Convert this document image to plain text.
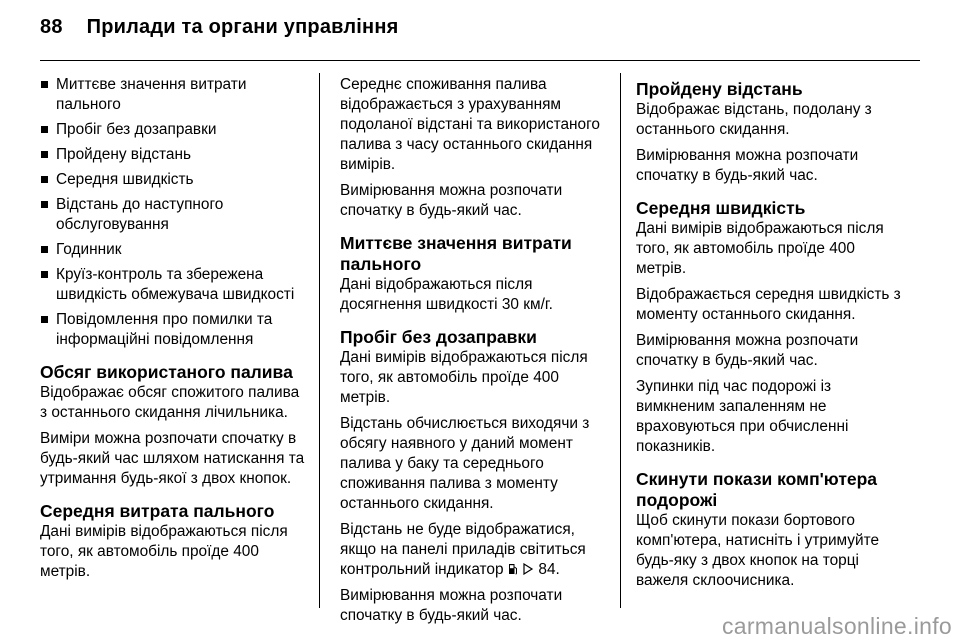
88 Прилади та органи управління
Миттєве значення витрати пального
Пробіг без дозаправки
Пройдену відстань
Середня швидкість
Відстань до наступного обслуговування
Годинник
Круїз-контроль та збережена швидкість обмежувача швидкості
Повідомлення про помилки та інформаційні повідомлення
Обсяг використаного палива

Відображає обсяг спожитого палива з останнього скидання лічильника.

Виміри можна розпочати спочатку в будь-який час шляхом натискання та утримання будь-якої з двох кнопок.

Середня витрата пального

Дані вимірів відображаються після того, як автомобіль проїде 400 метрів.

Середнє споживання палива відображається з урахуванням подоланої відстані та використаного палива з часу останнього скидання вимірів.

Вимірювання можна розпочати спочатку в будь-який час.

Миттєве значення витрати пального

Дані відображаються після досягнення швидкості 30 км/г.

Пробіг без дозаправки

Дані вимірів відображаються після того, як автомобіль проїде 400 метрів.

Відстань обчислюється виходячи з обсягу наявного у даний момент палива у баку та середнього споживання палива з моменту останнього скидання.

Відстань не буде відображатися, якщо на панелі приладів світиться контрольний індикатор 84.

Вимірювання можна розпочати спочатку в будь-який час.

Пройдену відстань

Відображає відстань, подолану з останнього скидання.

Вимірювання можна розпочати спочатку в будь-який час.

Середня швидкість

Дані вимірів відображаються після того, як автомобіль проїде 400 метрів.

Відображається середня швидкість з моменту останнього скидання.

Вимірювання можна розпочати спочатку в будь-який час.

Зупинки під час подорожі із вимкненим запаленням не враховуються при обчисленні показників.

Скинути покази комп'ютера подорожі

Щоб скинути покази бортового комп'ютера, натисніть і утримуйте будь-яку з двох кнопок на торці важеля склоочисника.

carmanualsonline.info
